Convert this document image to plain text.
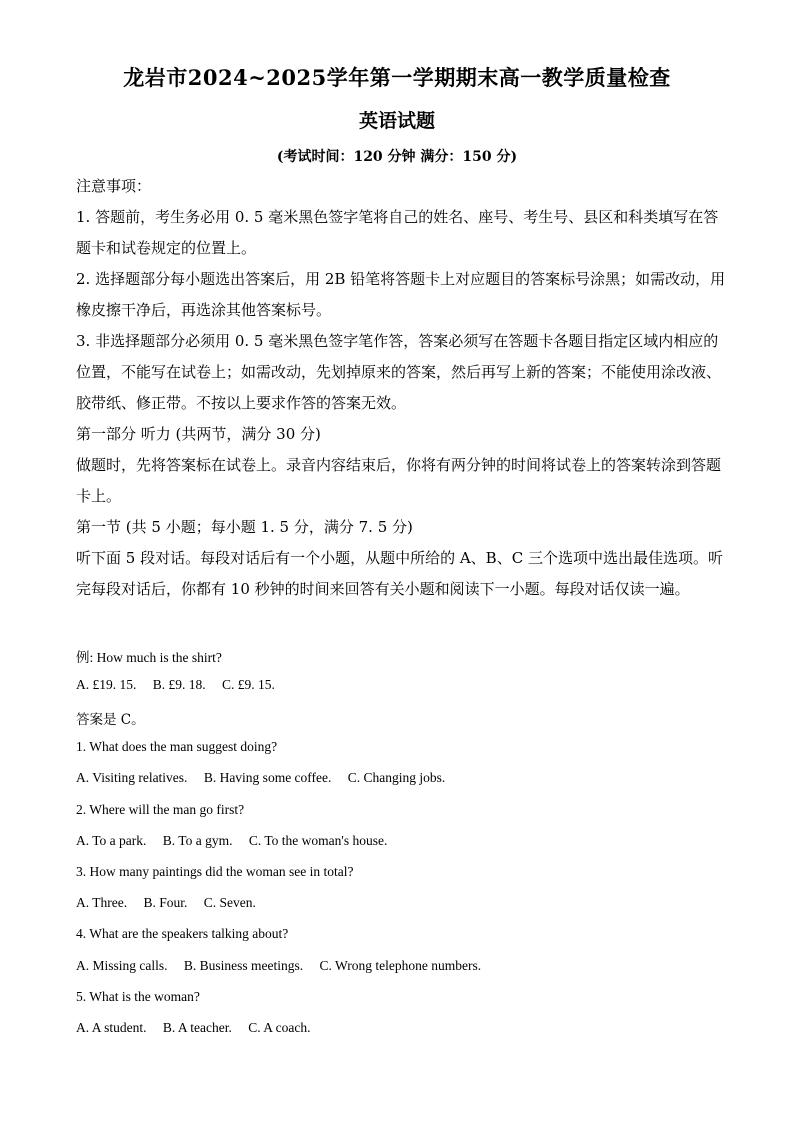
龙岩市2024~2025学年第一学期期末高一教学质量检查
英语试题
(考试时间：120 分钟 满分：150 分)
注意事项：
1. 答题前，考生务必用 0. 5 毫米黑色签字笔将自己的姓名、座号、考生号、县区和科类填写在答题卡和试卷规定的位置上。
2. 选择题部分每小题选出答案后，用 2B 铅笔将答题卡上对应题目的答案标号涂黑；如需改动，用橡皮擦干净后，再选涂其他答案标号。
3. 非选择题部分必须用 0. 5 毫米黑色签字笔作答，答案必须写在答题卡各题目指定区域内相应的位置，不能写在试卷上；如需改动，先划掉原来的答案，然后再写上新的答案；不能使用涂改液、胶带纸、修正带。不按以上要求作答的答案无效。
第一部分 听力 (共两节，满分 30 分)
做题时，先将答案标在试卷上。录音内容结束后，你将有两分钟的时间将试卷上的答案转涂到答题卡上。
第一节 (共 5 小题；每小题 1. 5 分，满分 7. 5 分)
听下面 5 段对话。每段对话后有一个小题，从题中所给的 A、B、C 三个选项中选出最佳选项。听完每段对话后，你都有 10 秒钟的时间来回答有关小题和阅读下一小题。每段对话仅读一遍。
例: How much is the shirt?
A. £19. 15. B. £9. 18. C. £9. 15.
答案是 C。
1. What does the man suggest doing?
A. Visiting relatives. B. Having some coffee. C. Changing jobs.
2. Where will the man go first?
A. To a park. B. To a gym. C. To the woman's house.
3. How many paintings did the woman see in total?
A. Three. B. Four. C. Seven.
4. What are the speakers talking about?
A. Missing calls. B. Business meetings. C. Wrong telephone numbers.
5. What is the woman?
A. A student. B. A teacher. C. A coach.
